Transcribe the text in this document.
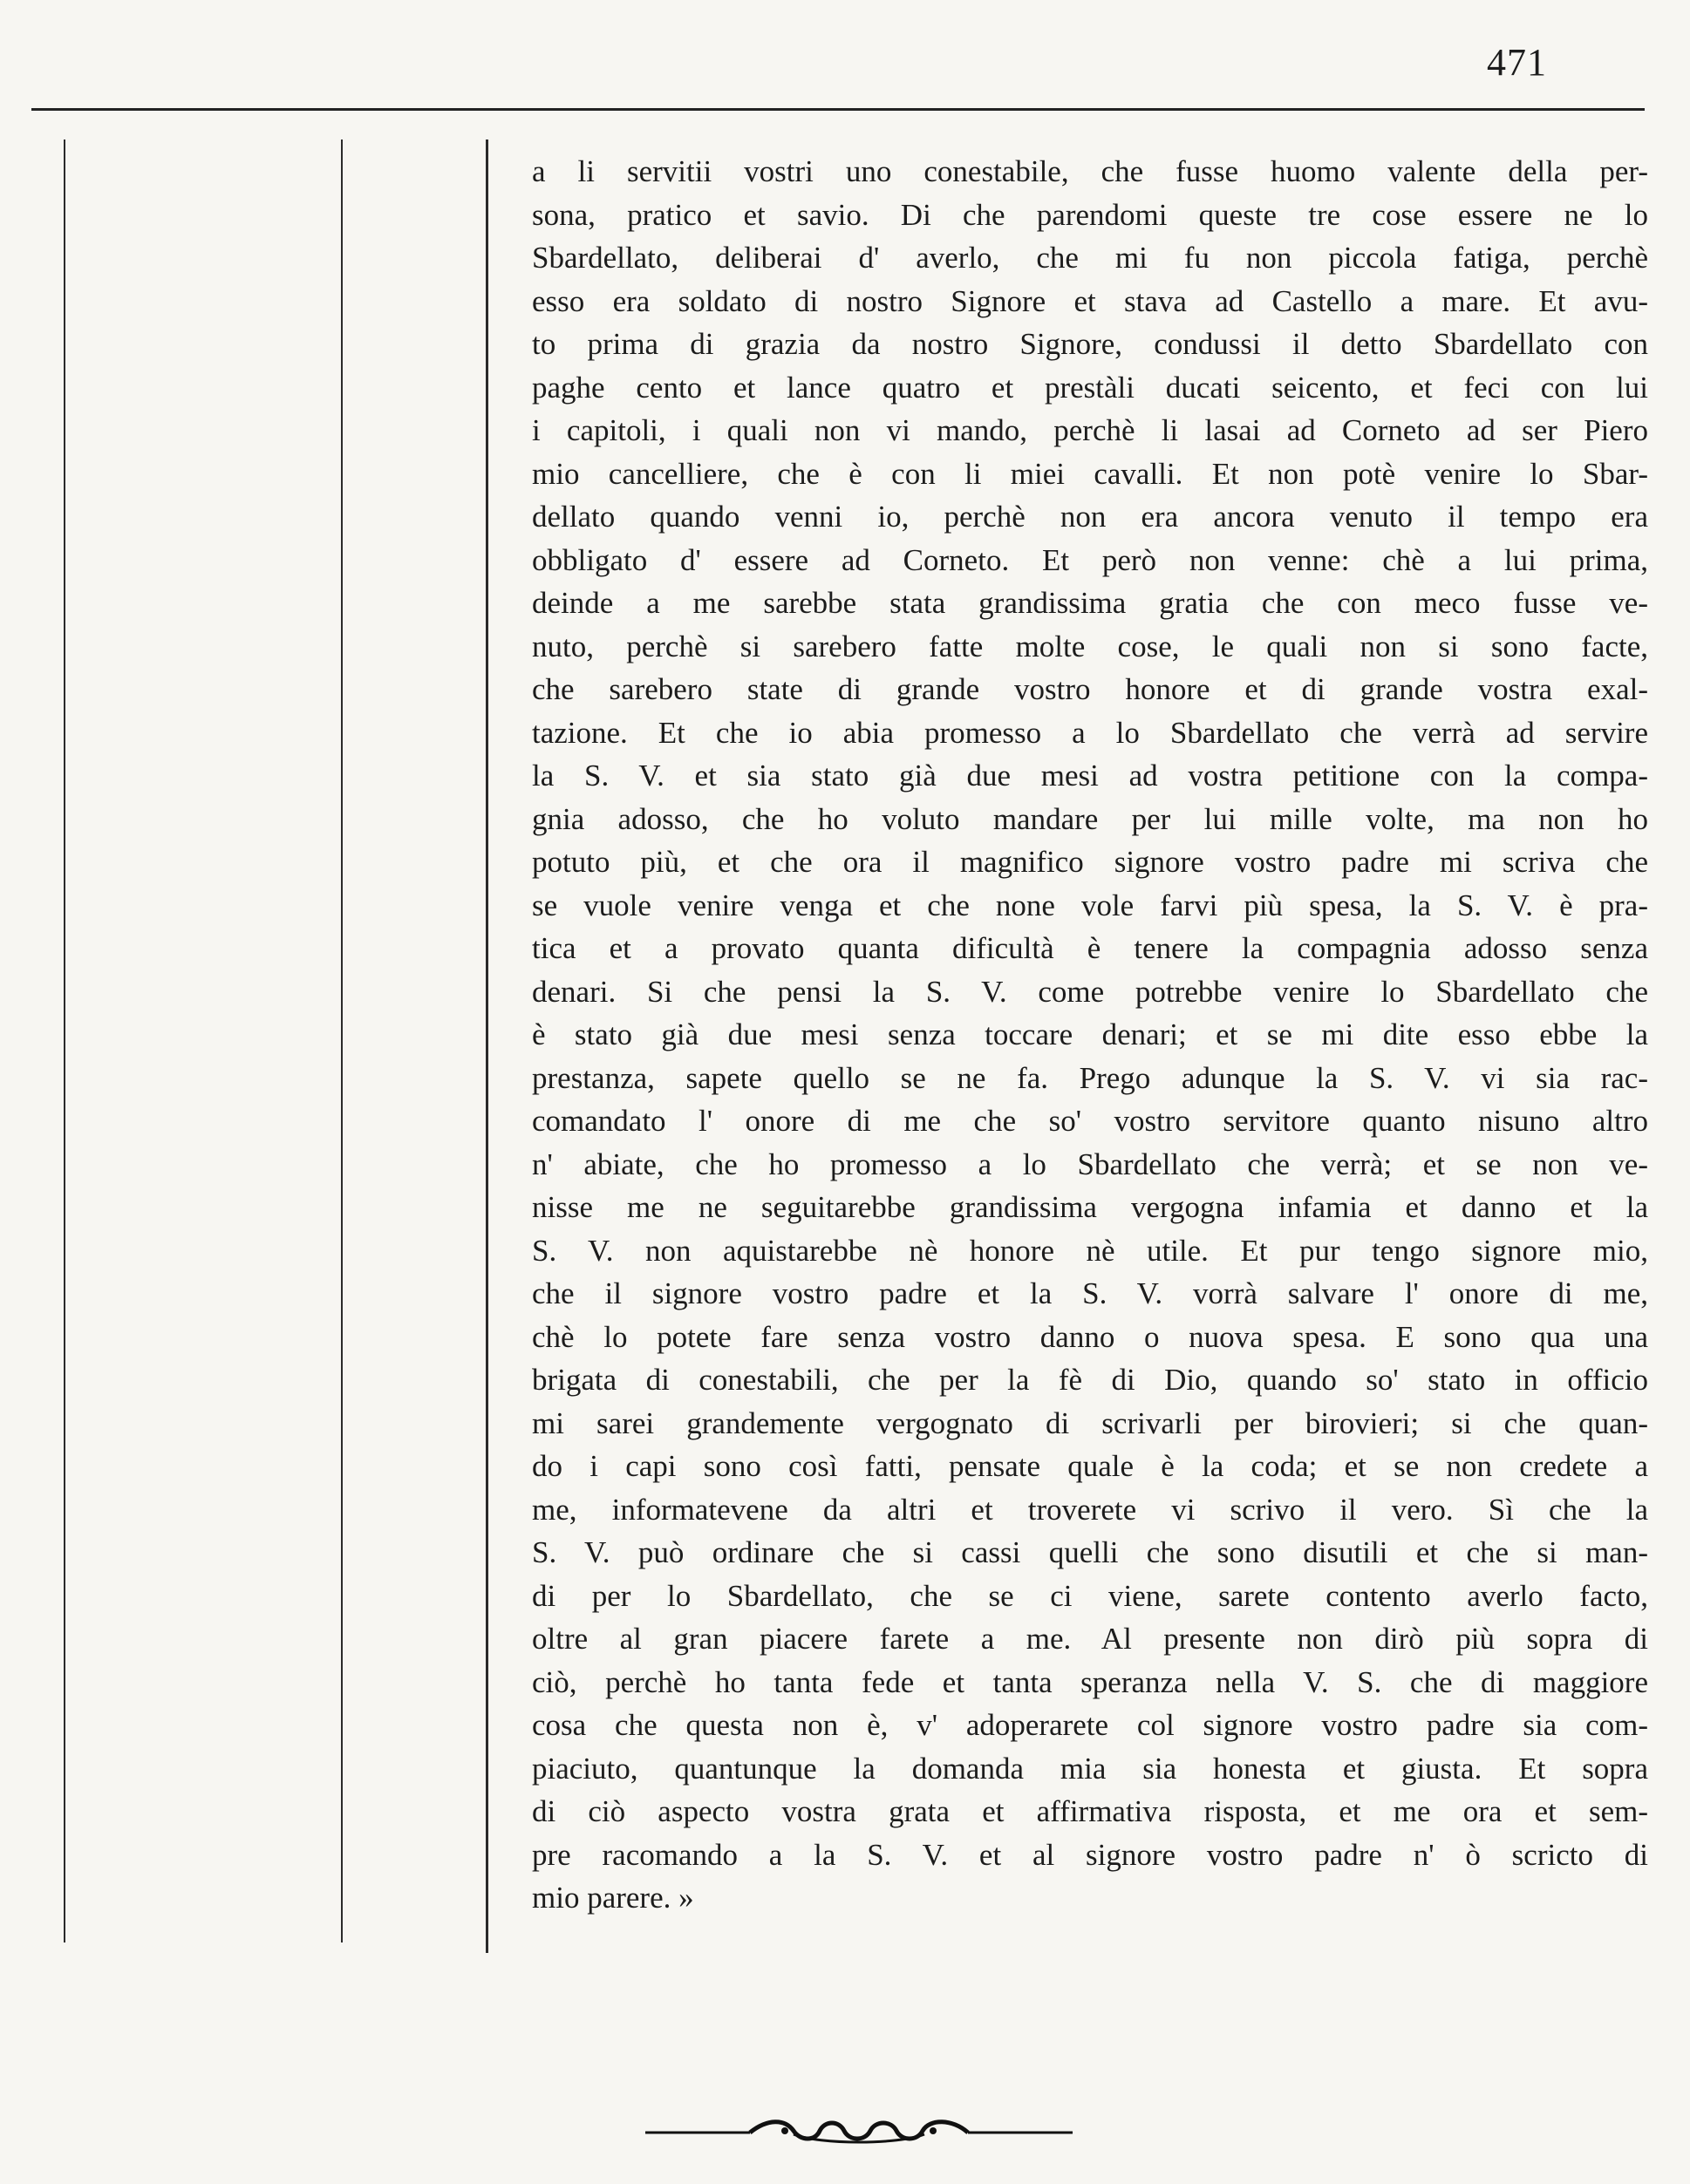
471
a li servitii vostri uno conestabile, che fusse huomo valente della per-
sona, pratico et savio. Di che parendomi queste tre cose essere ne lo
Sbardellato, deliberai d' averlo, che mi fu non piccola fatiga, perchè
esso era soldato di nostro Signore et stava ad Castello a mare. Et avu-
to prima di grazia da nostro Signore, condussi il detto Sbardellato con
paghe cento et lance quatro et prestàli ducati seicento, et feci con lui
i capitoli, i quali non vi mando, perchè li lasai ad Corneto ad ser Piero
mio cancelliere, che è con li miei cavalli. Et non potè venire lo Sbar-
dellato quando venni io, perchè non era ancora venuto il tempo era
obbligato d' essere ad Corneto. Et però non venne: chè a lui prima,
deinde a me sarebbe stata grandissima gratia che con meco fusse ve-
nuto, perchè si sarebero fatte molte cose, le quali non si sono facte,
che sarebero state di grande vostro honore et di grande vostra exal-
tazione. Et che io abia promesso a lo Sbardellato che verrà ad servire
la S. V. et sia stato già due mesi ad vostra petitione con la compa-
gnia adosso, che ho voluto mandare per lui mille volte, ma non ho
potuto più, et che ora il magnifico signore vostro padre mi scriva che
se vuole venire venga et che none vole farvi più spesa, la S. V. è pra-
tica et a provato quanta dificultà è tenere la compagnia adosso senza
denari. Si che pensi la S. V. come potrebbe venire lo Sbardellato che
è stato già due mesi senza toccare denari; et se mi dite esso ebbe la
prestanza, sapete quello se ne fa. Prego adunque la S. V. vi sia rac-
comandato l' onore di me che so' vostro servitore quanto nisuno altro
n' abiate, che ho promesso a lo Sbardellato che verrà; et se non ve-
nisse me ne seguitarebbe grandissima vergogna infamia et danno et la
S. V. non aquistarebbe nè honore nè utile. Et pur tengo signore mio,
che il signore vostro padre et la S. V. vorrà salvare l' onore di me,
chè lo potete fare senza vostro danno o nuova spesa. E sono qua una
brigata di conestabili, che per la fè di Dio, quando so' stato in officio
mi sarei grandemente vergognato di scrivarli per birovieri; si che quan-
do i capi sono così fatti, pensate quale è la coda; et se non credete a
me, informatevene da altri et troverete vi scrivo il vero. Sì che la
S. V. può ordinare che si cassi quelli che sono disutili et che si man-
di per lo Sbardellato, che se ci viene, sarete contento averlo facto,
oltre al gran piacere farete a me. Al presente non dirò più sopra di
ciò, perchè ho tanta fede et tanta speranza nella V. S. che di maggiore
cosa che questa non è, v' adoperarete col signore vostro padre sia com-
piaciuto, quantunque la domanda mia sia honesta et giusta. Et sopra
di ciò aspecto vostra grata et affirmativa risposta, et me ora et sem-
pre racomando a la S. V. et al signore vostro padre n' ò scricto di
mio parere. »
